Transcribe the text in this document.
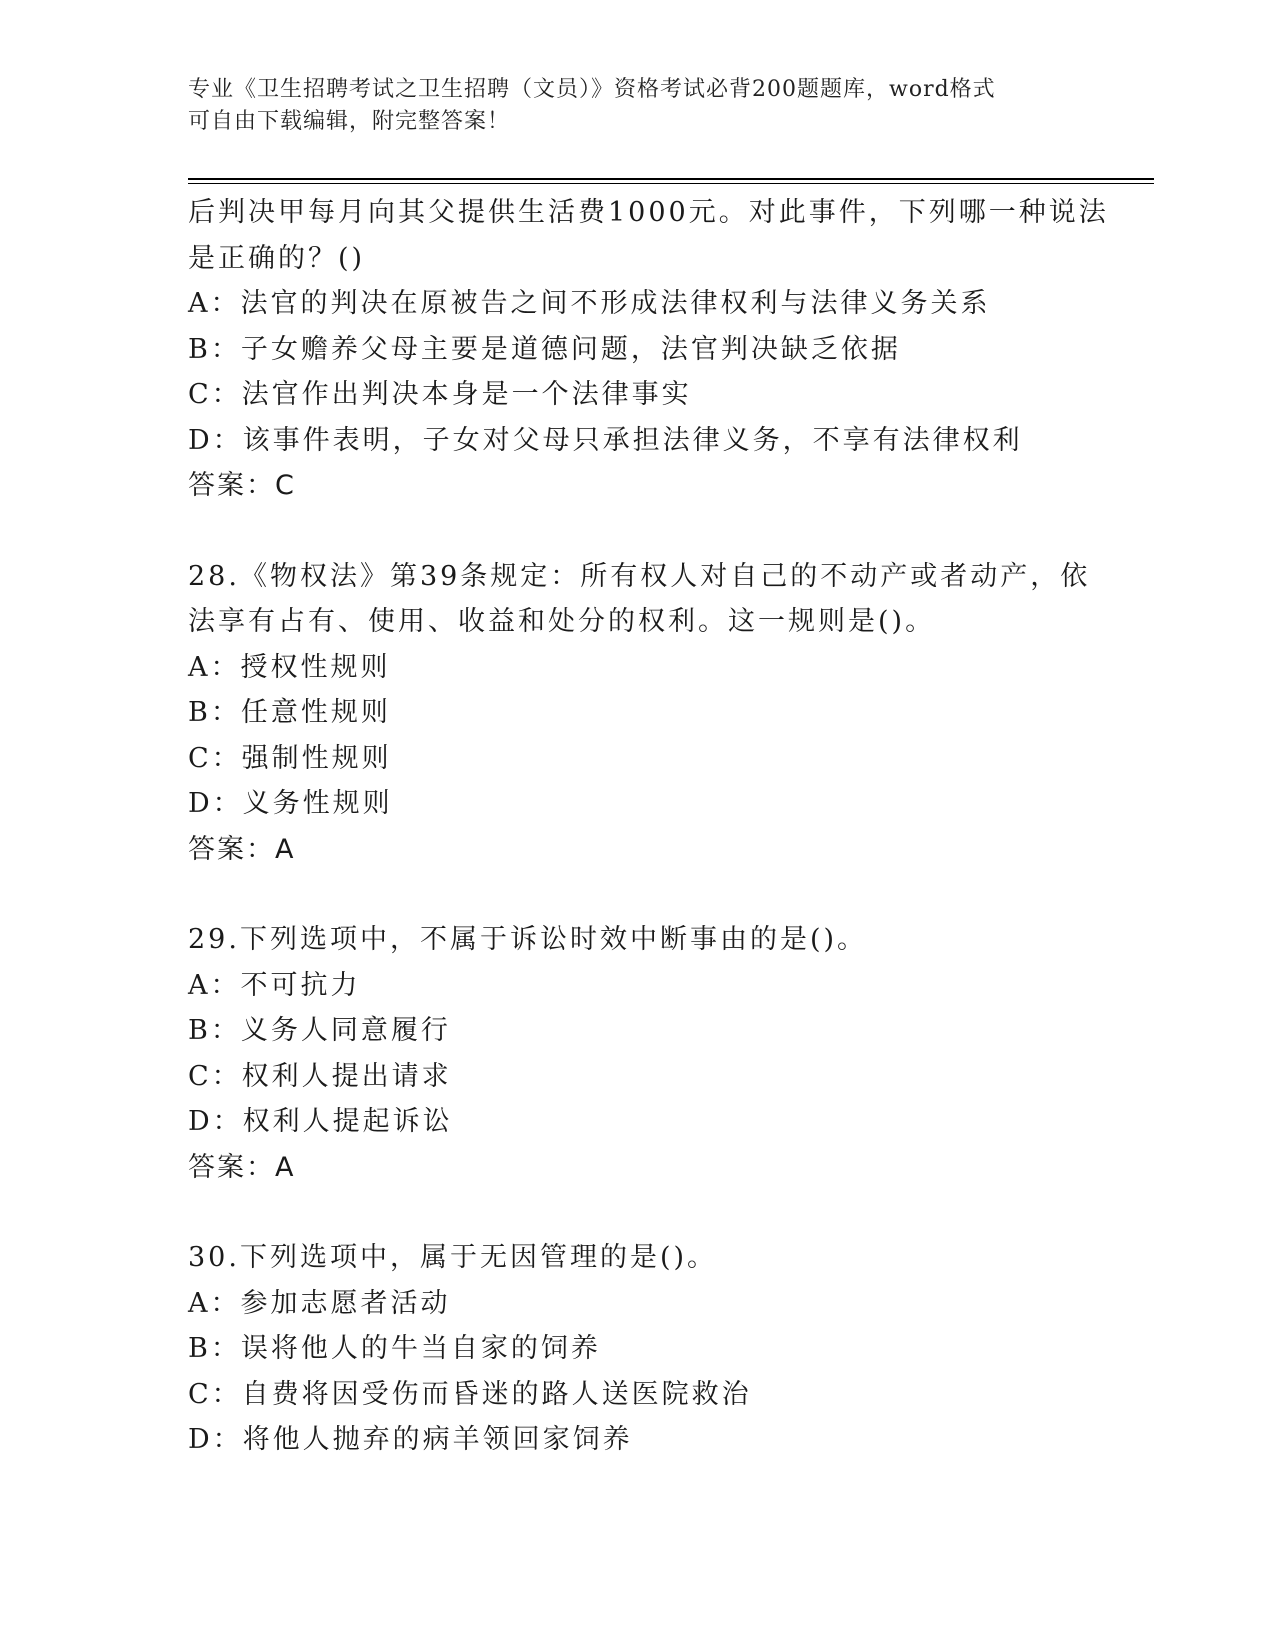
专业《卫生招聘考试之卫生招聘（文员）》资格考试必背200题题库，word格式

可自由下载编辑，附完整答案！

后判决甲每月向其父提供生活费1000元。对此事件，下列哪一种说法

是正确的？()

A：法官的判决在原被告之间不形成法律权利与法律义务关系

B：子女赡养父母主要是道德问题，法官判决缺乏依据

C：法官作出判决本身是一个法律事实

D：该事件表明，子女对父母只承担法律义务，不享有法律权利

答案：C

28.《物权法》第39条规定：所有权人对自己的不动产或者动产，依

法享有占有、使用、收益和处分的权利。这一规则是()。

A：授权性规则

B：任意性规则

C：强制性规则

D：义务性规则

答案：A

29.下列选项中，不属于诉讼时效中断事由的是()。

A：不可抗力

B：义务人同意履行

C：权利人提出请求

D：权利人提起诉讼

答案：A

30.下列选项中，属于无因管理的是()。

A：参加志愿者活动

B：误将他人的牛当自家的饲养

C：自费将因受伤而昏迷的路人送医院救治

D：将他人抛弃的病羊领回家饲养
